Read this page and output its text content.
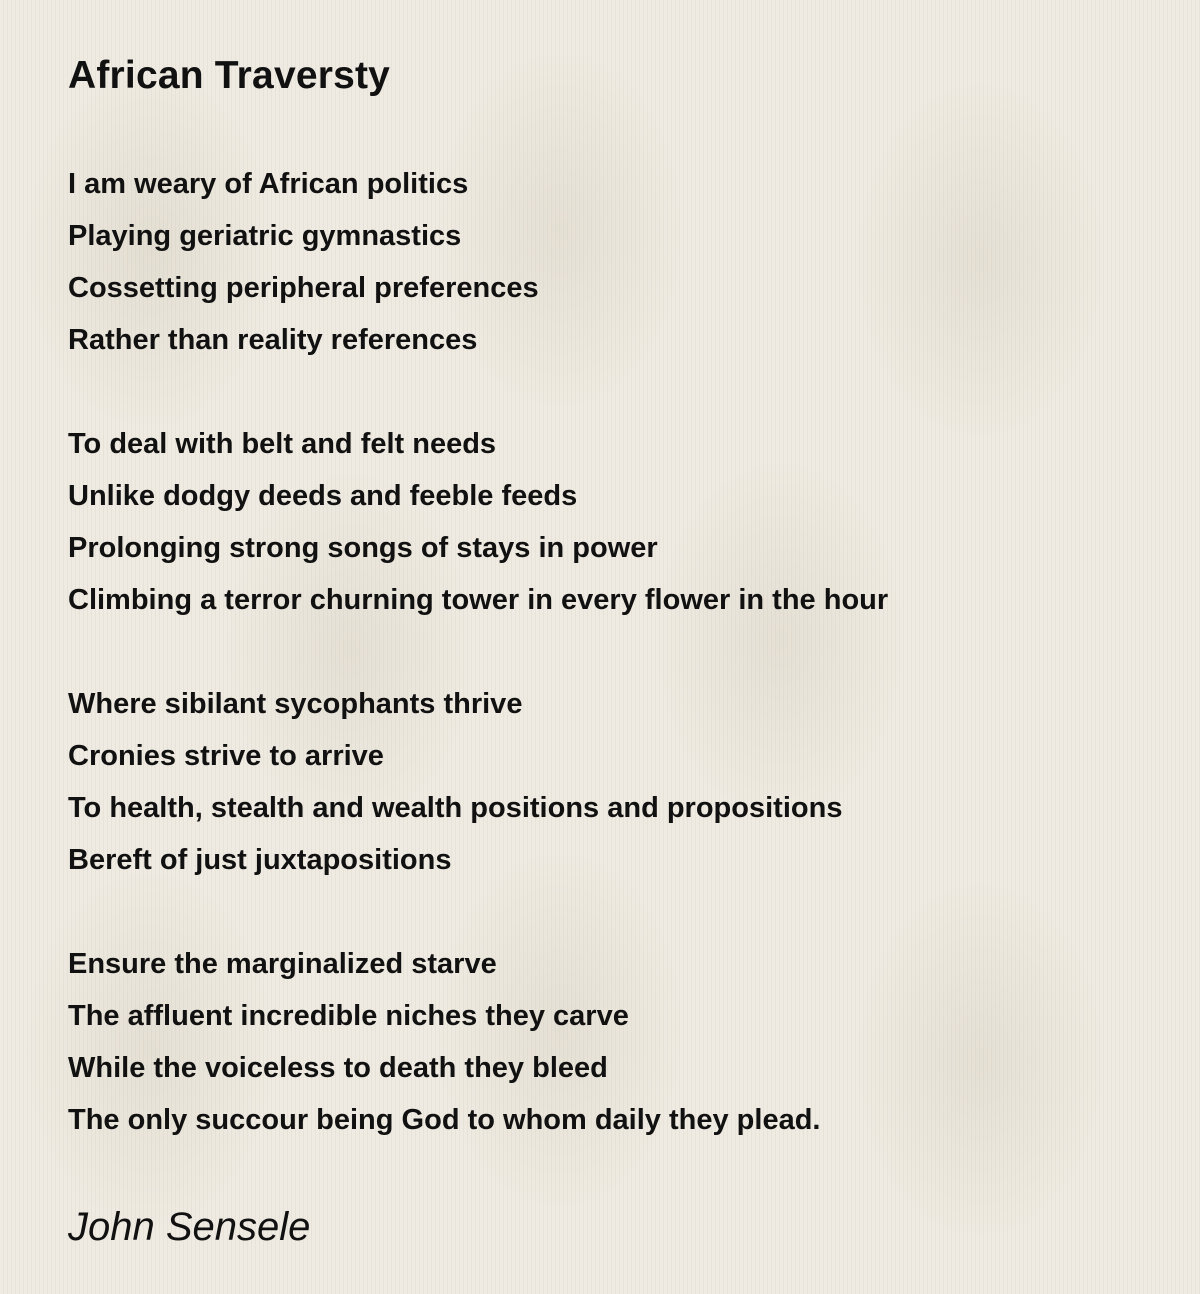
African Traversty
I am weary of African politics
Playing geriatric gymnastics
Cossetting peripheral preferences
Rather than reality references
To deal with belt and felt needs
Unlike dodgy deeds and feeble feeds
Prolonging strong songs of stays in power
Climbing a terror churning tower in every flower in the hour
Where sibilant sycophants thrive
Cronies strive to arrive
To health, stealth and wealth positions and propositions
Bereft of just juxtapositions
Ensure the marginalized starve
The affluent incredible niches they carve
While the voiceless to death they bleed
The only succour being God to whom daily they plead.
John Sensele
